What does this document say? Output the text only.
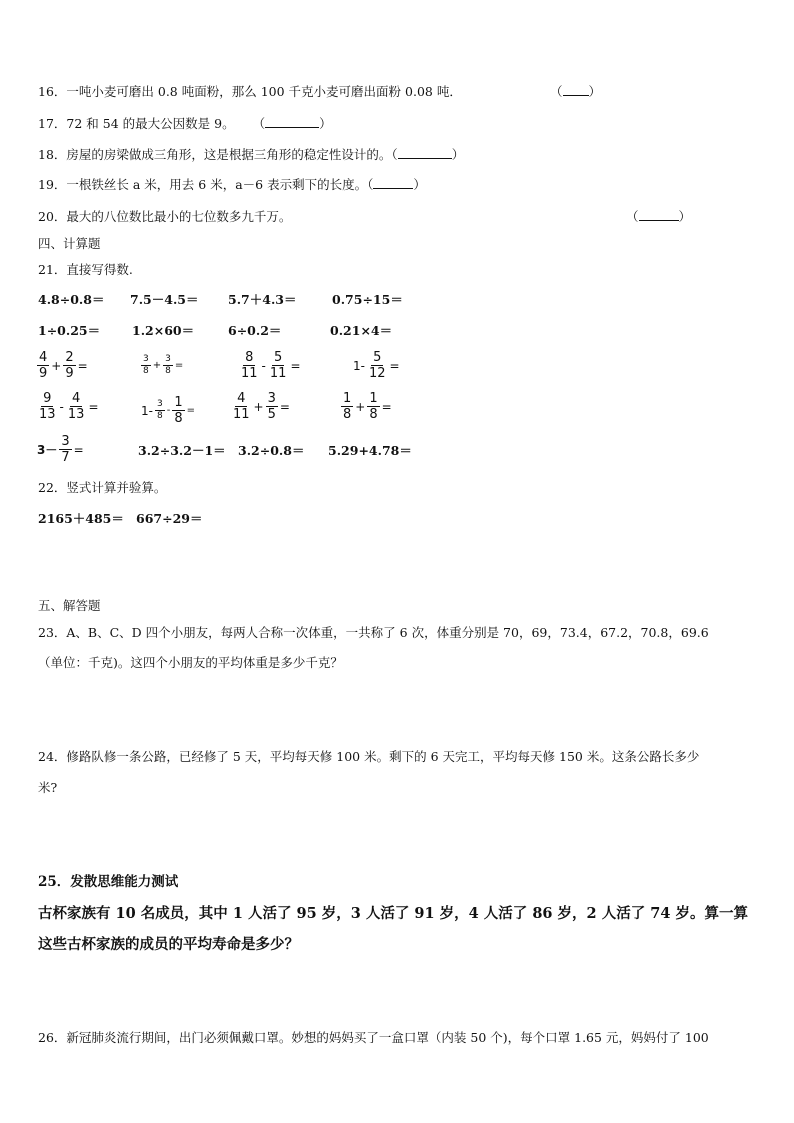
16．一吨小麦可磨出 0.8 吨面粉，那么 100 千克小麦可磨出面粉 0.08 吨．	（ ）
17．72 和 54 的最大公因数是 9。 （	）
18．房屋的房梁做成三角形，这是根据三角形的稳定性设计的。（	）
19．一根铁丝长 a 米，用去 6 米，a－6 表示剩下的长度。（	）
20．最大的八位数比最小的七位数多九千万。	（	）
四、计算题
21．直接写得数.
4.8÷0.8＝ 7.5－4.5＝ 5.7＋4.3＝	0.75÷15＝
1÷0.25＝	1.2×60＝	6÷0.2＝	0.21×4＝
$\frac{4}{9} + \frac{2}{9}$ =	$\frac{3}{8} + \frac{3}{8}$ =	$\frac{8}{11} - \frac{5}{11}$ =	$1- \frac{5}{12}$ =
$\frac{9}{13} - \frac{4}{13}$ =	$1- \frac{3}{8} - \frac{1}{8}$ =	$\frac{4}{11} + \frac{3}{5}$ =	$\frac{1}{8} + \frac{1}{8}$ =
$3- \frac{3}{7}$ =	3.2÷3.2－1＝ 3.2÷0.8＝ 5.29+4.78＝
22．竖式计算并验算。
2165＋485＝ 667÷29＝
五、解答题
23．A、B、C、D 四个小朋友，每两人合称一次体重，一共称了 6 次，体重分别是 70，69，73.4，67.2，70.8，69.6
（单位：千克)。这四个小朋友的平均体重是多少千克？
24．修路队修一条公路，已经修了 5 天，平均每天修 100 米。剩下的 6 天完工，平均每天修 150 米。这条公路长多少
米?
25．发散思维能力测试
古杯家族有 10 名成员，其中 1 人活了 95 岁，3 人活了 91 岁，4 人活了 86 岁，2 人活了 74 岁。算一算
这些古杯家族的成员的平均寿命是多少？
26．新冠肺炎流行期间，出门必须佩戴口罩。妙想的妈妈买了一盒口罩（内装 50 个)，每个口罩 1.65 元，妈妈付了 100
